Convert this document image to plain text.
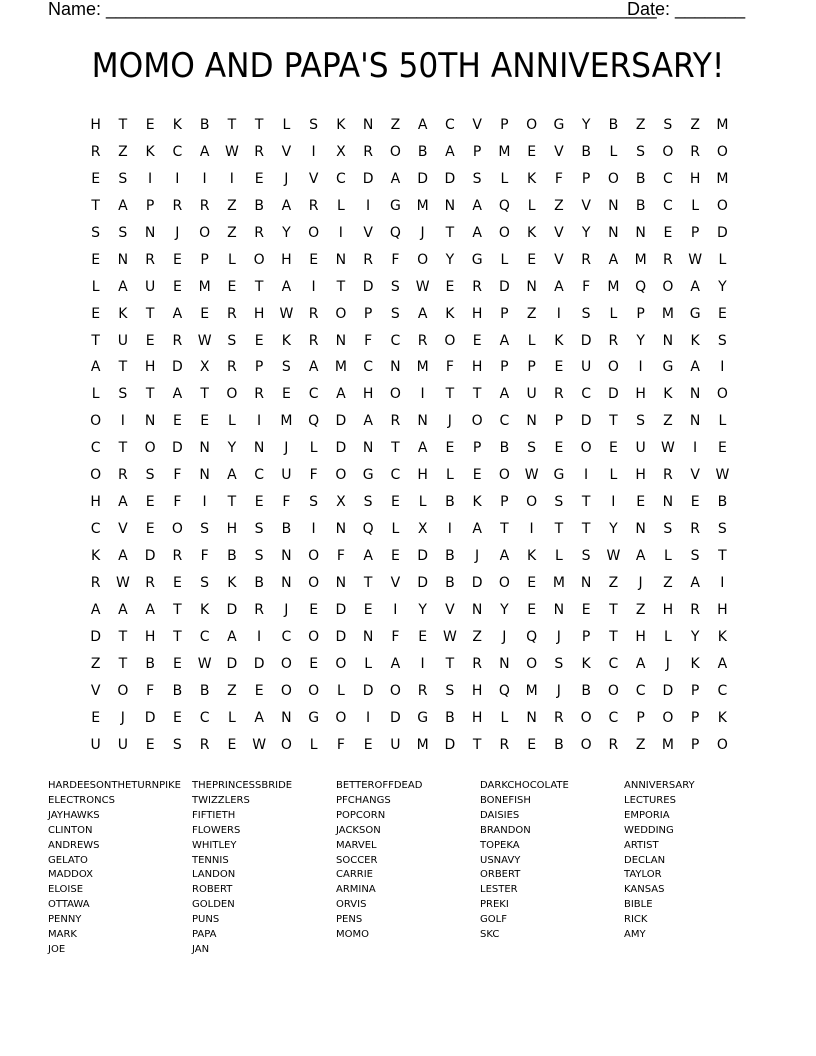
Name: _______________________________________________________
Date: _______
MOMO AND PAPA'S 50TH ANNIVERSARY!
H	T	E	K	B	T	T	L	S	K	N	Z	A	C	V	P	O	G	Y	B	Z	S	Z	M
R	Z	K	C	A	W	R	V	I	X	R	O	B	A	P	M	E	V	B	L	S	O	R	O
E	S	I	I	I	I	E	J	V	C	D	A	D	D	S	L	K	F	P	O	B	C	H	M
T	A	P	R	R	Z	B	A	R	L	I	G	M	N	A	Q	L	Z	V	N	B	C	L	O
S	S	N	J	O	Z	R	Y	O	I	V	Q	J	T	A	O	K	V	Y	N	N	E	P	D
E	N	R	E	P	L	O	H	E	N	R	F	O	Y	G	L	E	V	R	A	M	R	W	L
L	A	U	E	M	E	T	A	I	T	D	S	W	E	R	D	N	A	F	M	Q	O	A	Y
E	K	T	A	E	R	H	W	R	O	P	S	A	K	H	P	Z	I	S	L	P	M	G	E
T	U	E	R	W	S	E	K	R	N	F	C	R	O	E	A	L	K	D	R	Y	N	K	S
A	T	H	D	X	R	P	S	A	M	C	N	M	F	H	P	P	E	U	O	I	G	A	I
L	S	T	A	T	O	R	E	C	A	H	O	I	T	T	A	U	R	C	D	H	K	N	O
O	I	N	E	E	L	I	M	Q	D	A	R	N	J	O	C	N	P	D	T	S	Z	N	L
C	T	O	D	N	Y	N	J	L	D	N	T	A	E	P	B	S	E	O	E	U	W	I	E
O	R	S	F	N	A	C	U	F	O	G	C	H	L	E	O	W	G	I	L	H	R	V	W
H	A	E	F	I	T	E	F	S	X	S	E	L	B	K	P	O	S	T	I	E	N	E	B
C	V	E	O	S	H	S	B	I	N	Q	L	X	I	A	T	I	T	T	Y	N	S	R	S
K	A	D	R	F	B	S	N	O	F	A	E	D	B	J	A	K	L	S	W	A	L	S	T
R	W	R	E	S	K	B	N	O	N	T	V	D	B	D	O	E	M	N	Z	J	Z	A	I
A	A	A	T	K	D	R	J	E	D	E	I	Y	V	N	Y	E	N	E	T	Z	H	R	H
D	T	H	T	C	A	I	C	O	D	N	F	E	W	Z	J	Q	J	P	T	H	L	Y	K
Z	T	B	E	W	D	D	O	E	O	L	A	I	T	R	N	O	S	K	C	A	J	K	A
V	O	F	B	B	Z	E	O	O	L	D	O	R	S	H	Q	M	J	B	O	C	D	P	C
E	J	D	E	C	L	A	N	G	O	I	D	G	B	H	L	N	R	O	C	P	O	P	K
U	U	E	S	R	E	W	O	L	F	E	U	M	D	T	R	E	B	O	R	Z	M	P	O
HARDEESONTHETURNPIKE
ELECTRONCS
JAYHAWKS
CLINTON
ANDREWS
GELATO
MADDOX
ELOISE
OTTAWA
PENNY
MARK
JOE
THEPRINCESSBRIDE
TWIZZLERS
FIFTIETH
FLOWERS
WHITLEY
TENNIS
LANDON
ROBERT
GOLDEN
PUNS
PAPA
JAN
BETTEROFFDEAD
PFCHANGS
POPCORN
JACKSON
MARVEL
SOCCER
CARRIE
ARMINA
ORVIS
PENS
MOMO
DARKCHOCOLATE
BONEFISH
DAISIES
BRANDON
TOPEKA
USNAVY
ORBERT
LESTER
PREKI
GOLF
SKC
ANNIVERSARY
LECTURES
EMPORIA
WEDDING
ARTIST
DECLAN
TAYLOR
KANSAS
BIBLE
RICK
AMY
